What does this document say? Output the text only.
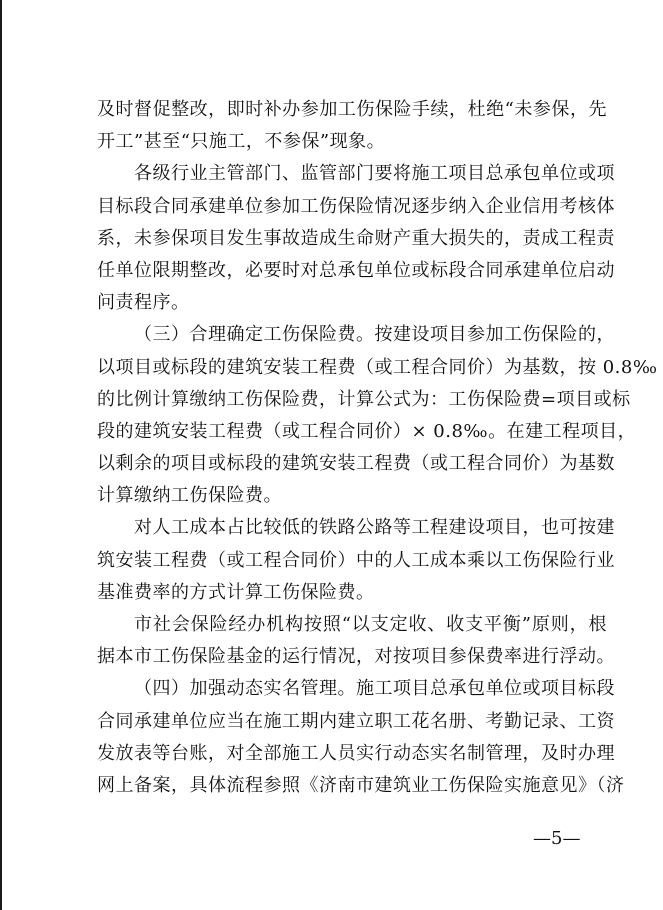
及时督促整改，即时补办参加工伤保险手续，杜绝“未参保，先
开工”甚至“只施工，不参保”现象。
各级行业主管部门、监管部门要将施工项目总承包单位或项
目标段合同承建单位参加工伤保险情况逐步纳入企业信用考核体
系，未参保项目发生事故造成生命财产重大损失的，责成工程责
任单位限期整改，必要时对总承包单位或标段合同承建单位启动
问责程序。
（三）合理确定工伤保险费。按建设项目参加工伤保险的，
以项目或标段的建筑安装工程费（或工程合同价）为基数，按 0.8‰
的比例计算缴纳工伤保险费，计算公式为：工伤保险费=项目或标
段的建筑安装工程费（或工程合同价）× 0.8‰。在建工程项目，
以剩余的项目或标段的建筑安装工程费（或工程合同价）为基数
计算缴纳工伤保险费。
对人工成本占比较低的铁路公路等工程建设项目，也可按建
筑安装工程费（或工程合同价）中的人工成本乘以工伤保险行业
基准费率的方式计算工伤保险费。
市社会保险经办机构按照“以支定收、收支平衡”原则，根
据本市工伤保险基金的运行情况，对按项目参保费率进行浮动。
（四）加强动态实名管理。施工项目总承包单位或项目标段
合同承建单位应当在施工期内建立职工花名册、考勤记录、工资
发放表等台账，对全部施工人员实行动态实名制管理，及时办理
网上备案，具体流程参照《济南市建筑业工伤保险实施意见》（济
—5—
